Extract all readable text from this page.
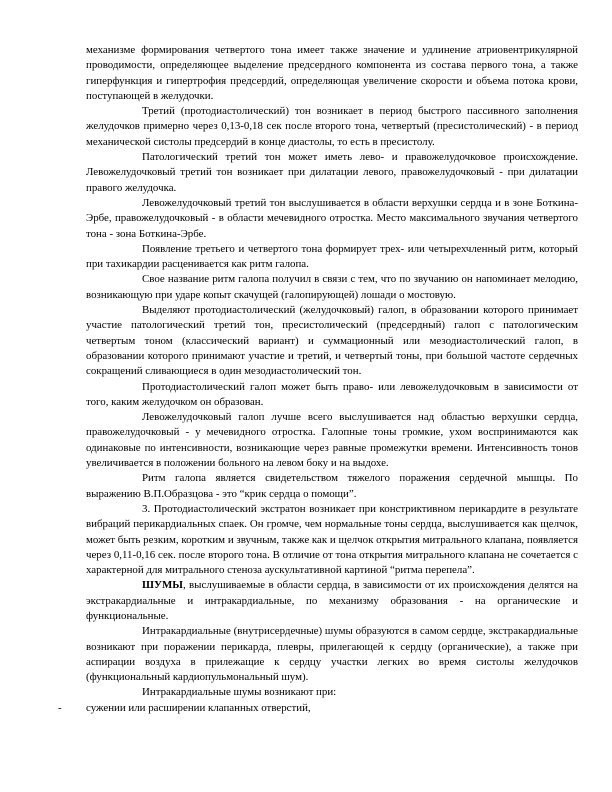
механизме формирования четвертого тона имеет также значение и удлинение атриовентрикулярной проводимости, определяющее выделение предсердного компонента из состава первого тона, а также гиперфункция и гипертрофия предсердий, определяющая увеличение скорости и объема потока крови, поступающей в желудочки.

Третий (протодиастолический) тон возникает в период быстрого пассивного заполнения желудочков примерно через 0,13-0,18 сек после второго тона, четвертый (пресистолический) - в период механической систолы предсердий в конце диастолы, то есть в пресистолу.

Патологический третий тон может иметь лево- и правожелудочковое происхождение. Левожелудочковый третий тон возникает при дилатации левого, правожелудочковый - при дилатации правого желудочка.

Левожелудочковый третий тон выслушивается в области верхушки сердца и в зоне Боткина-Эрбе, правожелудочковый - в области мечевидного отростка. Место максимального звучания четвертого тона - зона Боткина-Эрбе.

Появление третьего и четвертого тона формирует трех- или четырехчленный ритм, который при тахикардии расценивается как ритм галопа.

Свое название ритм галопа получил в связи с тем, что по звучанию он напоминает мелодию, возникающую при ударе копыт скачущей (галопирующей) лошади о мостовую.

Выделяют протодиастолический (желудочковый) галоп, в образовании которого принимает участие патологический третий тон, пресистолический (предсердный) галоп с патологическим четвертым тоном (классический вариант) и суммационный или мезодиастолический галоп, в образовании которого принимают участие и третий, и четвертый тоны, при большой частоте сердечных сокращений сливающиеся в один мезодиастолический тон.

Протодиастолический галоп может быть право- или левожелудочковым в зависимости от того, каким желудочком он образован.

Левожелудочковый галоп лучше всего выслушивается над областью верхушки сердца, правожелудочковый - у мечевидного отростка. Галопные тоны громкие, ухом воспринимаются как одинаковые по интенсивности, возникающие через равные промежутки времени. Интенсивность тонов увеличивается в положении больного на левом боку и на выдохе.

Ритм галопа является свидетельством тяжелого поражения сердечной мышцы. По выражению В.П.Образцова - это “крик сердца о помощи”.

3. Протодиастолический экстратон возникает при констриктивном перикардите в результате вибраций перикардиальных спаек. Он громче, чем нормальные тоны сердца, выслушивается как щелчок, может быть резким, коротким и звучным, также как и щелчок открытия митрального клапана, появляется через 0,11-0,16 сек. после второго тона. В отличие от тона открытия митрального клапана не сочетается с характерной для митрального стеноза аускультативной картиной “ритма перепела”.

ШУМЫ, выслушиваемые в области сердца, в зависимости от их происхождения делятся на экстракардиальные и интракардиальные, по механизму образования - на органические и функциональные.

Интракардиальные (внутрисердечные) шумы образуются в самом сердце, экстракардиальные возникают при поражении перикарда, плевры, прилегающей к сердцу (органические), а также при аспирации воздуха в прилежащие к сердцу участки легких во время систолы желудочков (функциональный кардиопульмональный шум).

Интракардиальные шумы возникают при:

- сужении или расширении клапанных отверстий,
